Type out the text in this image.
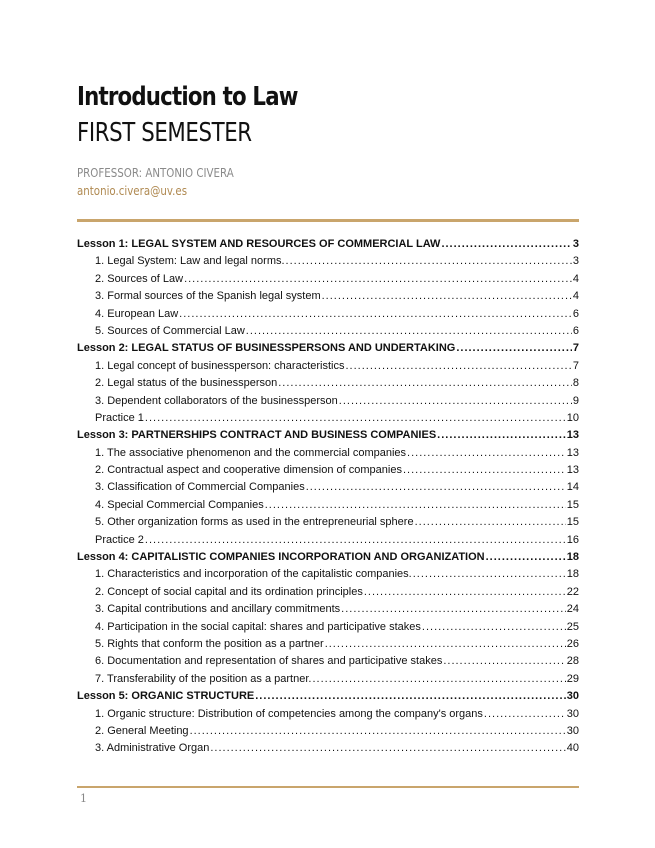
Introduction to Law
FIRST SEMESTER
PROFESSOR: ANTONIO CIVERA
antonio.civera@uv.es
Lesson 1: LEGAL SYSTEM AND RESOURCES OF COMMERCIAL LAW .....	3
1. Legal System: Law and legal norms. .....	3
2. Sources of Law .....	4
3. Formal sources of the Spanish legal system .....	4
4. European Law .....	6
5. Sources of Commercial Law .....	6
Lesson 2: LEGAL STATUS OF BUSINESSPERSONS AND UNDERTAKING .....	7
1. Legal concept of businessperson: characteristics .....	7
2. Legal status of the businessperson .....	8
3. Dependent collaborators of the businessperson .....	9
Practice 1 .....	10
Lesson 3: PARTNERSHIPS CONTRACT AND BUSINESS COMPANIES .....	13
1. The associative phenomenon and the commercial companies .....	13
2. Contractual aspect and cooperative dimension of companies .....	13
3. Classification of Commercial Companies .....	14
4. Special Commercial Companies .....	15
5. Other organization forms as used in the entrepreneurial sphere .....	15
Practice 2 .....	16
Lesson 4: CAPITALISTIC COMPANIES INCORPORATION AND ORGANIZATION .....	18
1. Characteristics and incorporation of the capitalistic companies. .....	18
2. Concept of social capital and its ordination principles .....	22
3. Capital contributions and ancillary commitments .....	24
4. Participation in the social capital: shares and participative stakes .....	25
5. Rights that conform the position as a partner .....	26
6. Documentation and representation of shares and participative stakes .....	28
7. Transferability of the position as a partner. .....	29
Lesson 5: ORGANIC STRUCTURE .....	30
1. Organic structure: Distribution of competencies among the company's organs .....	30
2. General Meeting .....	30
3. Administrative Organ .....	40
1
